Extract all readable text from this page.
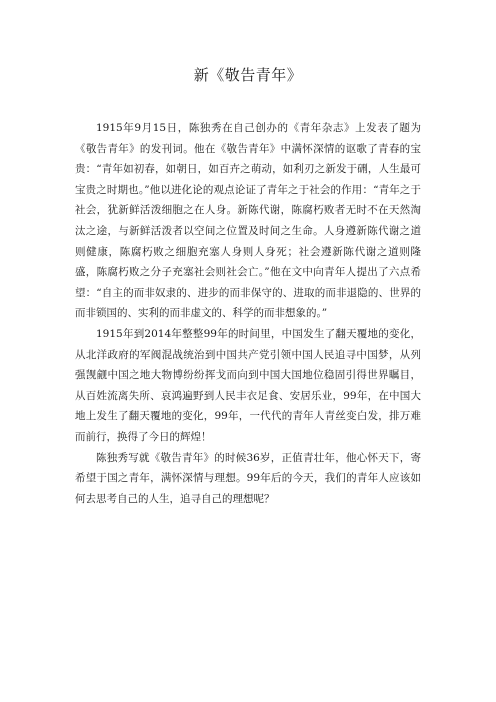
新《敬告青年》

1915年9月15日，陈独秀在自己创办的《青年杂志》上发表了题为《敬告青年》的发刊词。他在《敬告青年》中满怀深情的讴歌了青春的宝贵：“青年如初春，如朝日，如百卉之萌动，如利刃之新发于硎，人生最可宝贵之时期也。”他以进化论的观点论证了青年之于社会的作用：“青年之于社会，犹新鲜活泼细胞之在人身。新陈代谢，陈腐朽败者无时不在天然淘汰之途，与新鲜活泼者以空间之位置及时间之生命。人身遵新陈代谢之道则健康，陈腐朽败之细胞充塞人身则人身死；社会遵新陈代谢之道则隆盛，陈腐朽败之分子充塞社会则社会亡。”他在文中向青年人提出了六点希望：“自主的而非奴隶的、进步的而非保守的、进取的而非退隐的、世界的而非锁国的、实利的而非虚文的、科学的而非想象的。”

1915年到2014年整整99年的时间里，中国发生了翻天覆地的变化，从北洋政府的军阀混战统治到中国共产党引领中国人民追寻中国梦，从列强觊觎中国之地大物博纷纷挥戈而向到中国大国地位稳固引得世界瞩目，从百姓流离失所、哀鸿遍野到人民丰衣足食、安居乐业，99年，在中国大地上发生了翻天覆地的变化，99年，一代代的青年人青丝变白发，排万难而前行，换得了今日的辉煌！

陈独秀写就《敬告青年》的时候36岁，正值青壮年，他心怀天下，寄希望于国之青年，满怀深情与理想。99年后的今天，我们的青年人应该如何去思考自己的人生，追寻自己的理想呢？
